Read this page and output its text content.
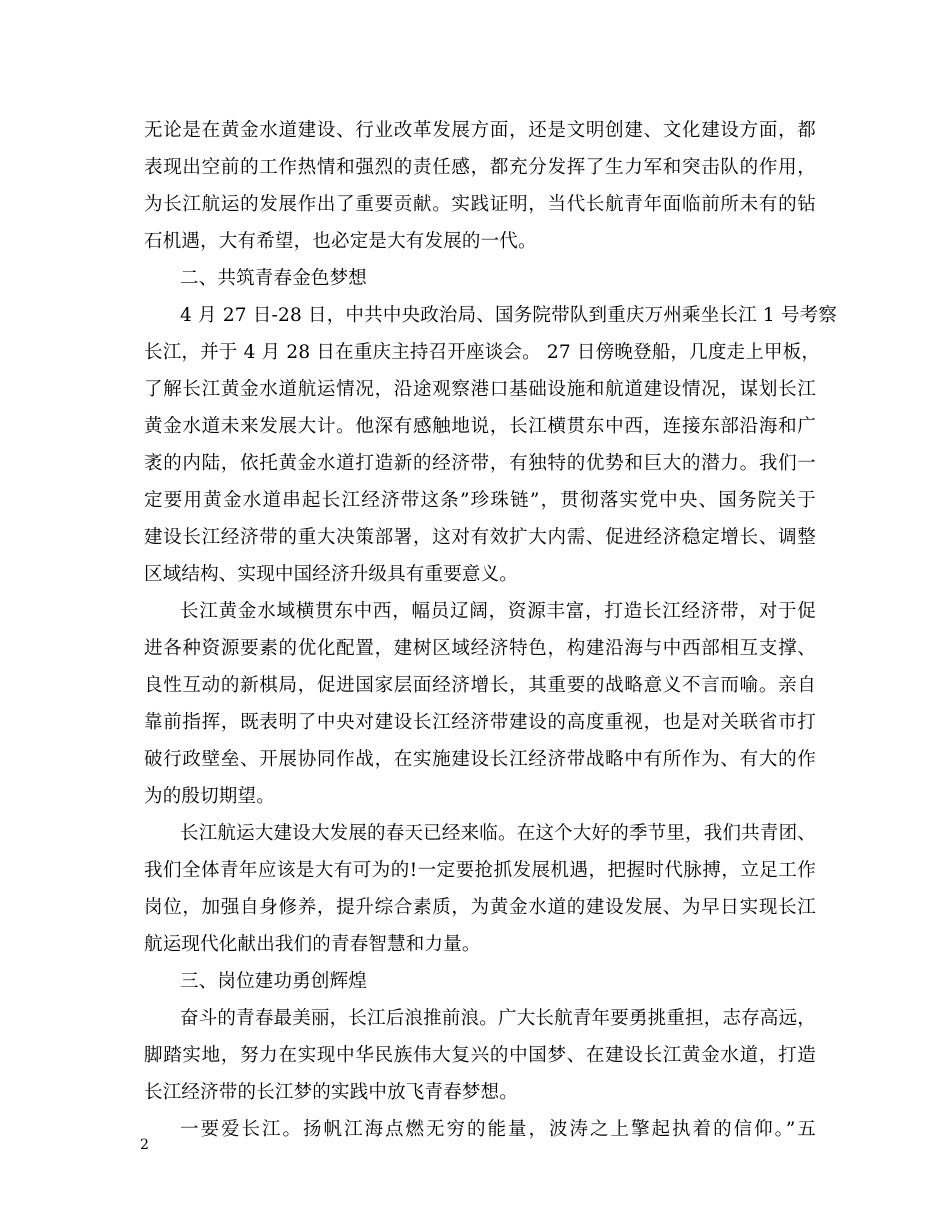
无论是在黄金水道建设、行业改革发展方面，还是文明创建、文化建设方面，都
表现出空前的工作热情和强烈的责任感，都充分发挥了生力军和突击队的作用，
为长江航运的发展作出了重要贡献。实践证明，当代长航青年面临前所未有的钻
石机遇，大有希望，也必定是大有发展的一代。
二、共筑青春金色梦想
4 月 27 日-28 日，中共中央政治局、国务院带队到重庆万州乘坐长江 1 号考察
长江，并于 4 月 28 日在重庆主持召开座谈会。 27 日傍晚登船，几度走上甲板，
了解长江黄金水道航运情况，沿途观察港口基础设施和航道建设情况，谋划长江
黄金水道未来发展大计。他深有感触地说，长江横贯东中西，连接东部沿海和广
袤的内陆，依托黄金水道打造新的经济带，有独特的优势和巨大的潜力。我们一
定要用黄金水道串起长江经济带这条”珍珠链”，贯彻落实党中央、国务院关于
建设长江经济带的重大决策部署，这对有效扩大内需、促进经济稳定增长、调整
区域结构、实现中国经济升级具有重要意义。
长江黄金水域横贯东中西，幅员辽阔，资源丰富，打造长江经济带，对于促
进各种资源要素的优化配置，建树区域经济特色，构建沿海与中西部相互支撑、
良性互动的新棋局，促进国家层面经济增长，其重要的战略意义不言而喻。亲自
靠前指挥，既表明了中央对建设长江经济带建设的高度重视，也是对关联省市打
破行政壁垒、开展协同作战，在实施建设长江经济带战略中有所作为、有大的作
为的殷切期望。
长江航运大建设大发展的春天已经来临。在这个大好的季节里，我们共青团、
我们全体青年应该是大有可为的!一定要抢抓发展机遇，把握时代脉搏，立足工作
岗位，加强自身修养，提升综合素质，为黄金水道的建设发展、为早日实现长江
航运现代化献出我们的青春智慧和力量。
三、岗位建功勇创辉煌
奋斗的青春最美丽，长江后浪推前浪。广大长航青年要勇挑重担，志存高远，
脚踏实地，努力在实现中华民族伟大复兴的中国梦、在建设长江黄金水道，打造
长江经济带的长江梦的实践中放飞青春梦想。
一要爱长江。扬帆江海点燃无穷的能量，波涛之上擎起执着的信仰。”五
2
